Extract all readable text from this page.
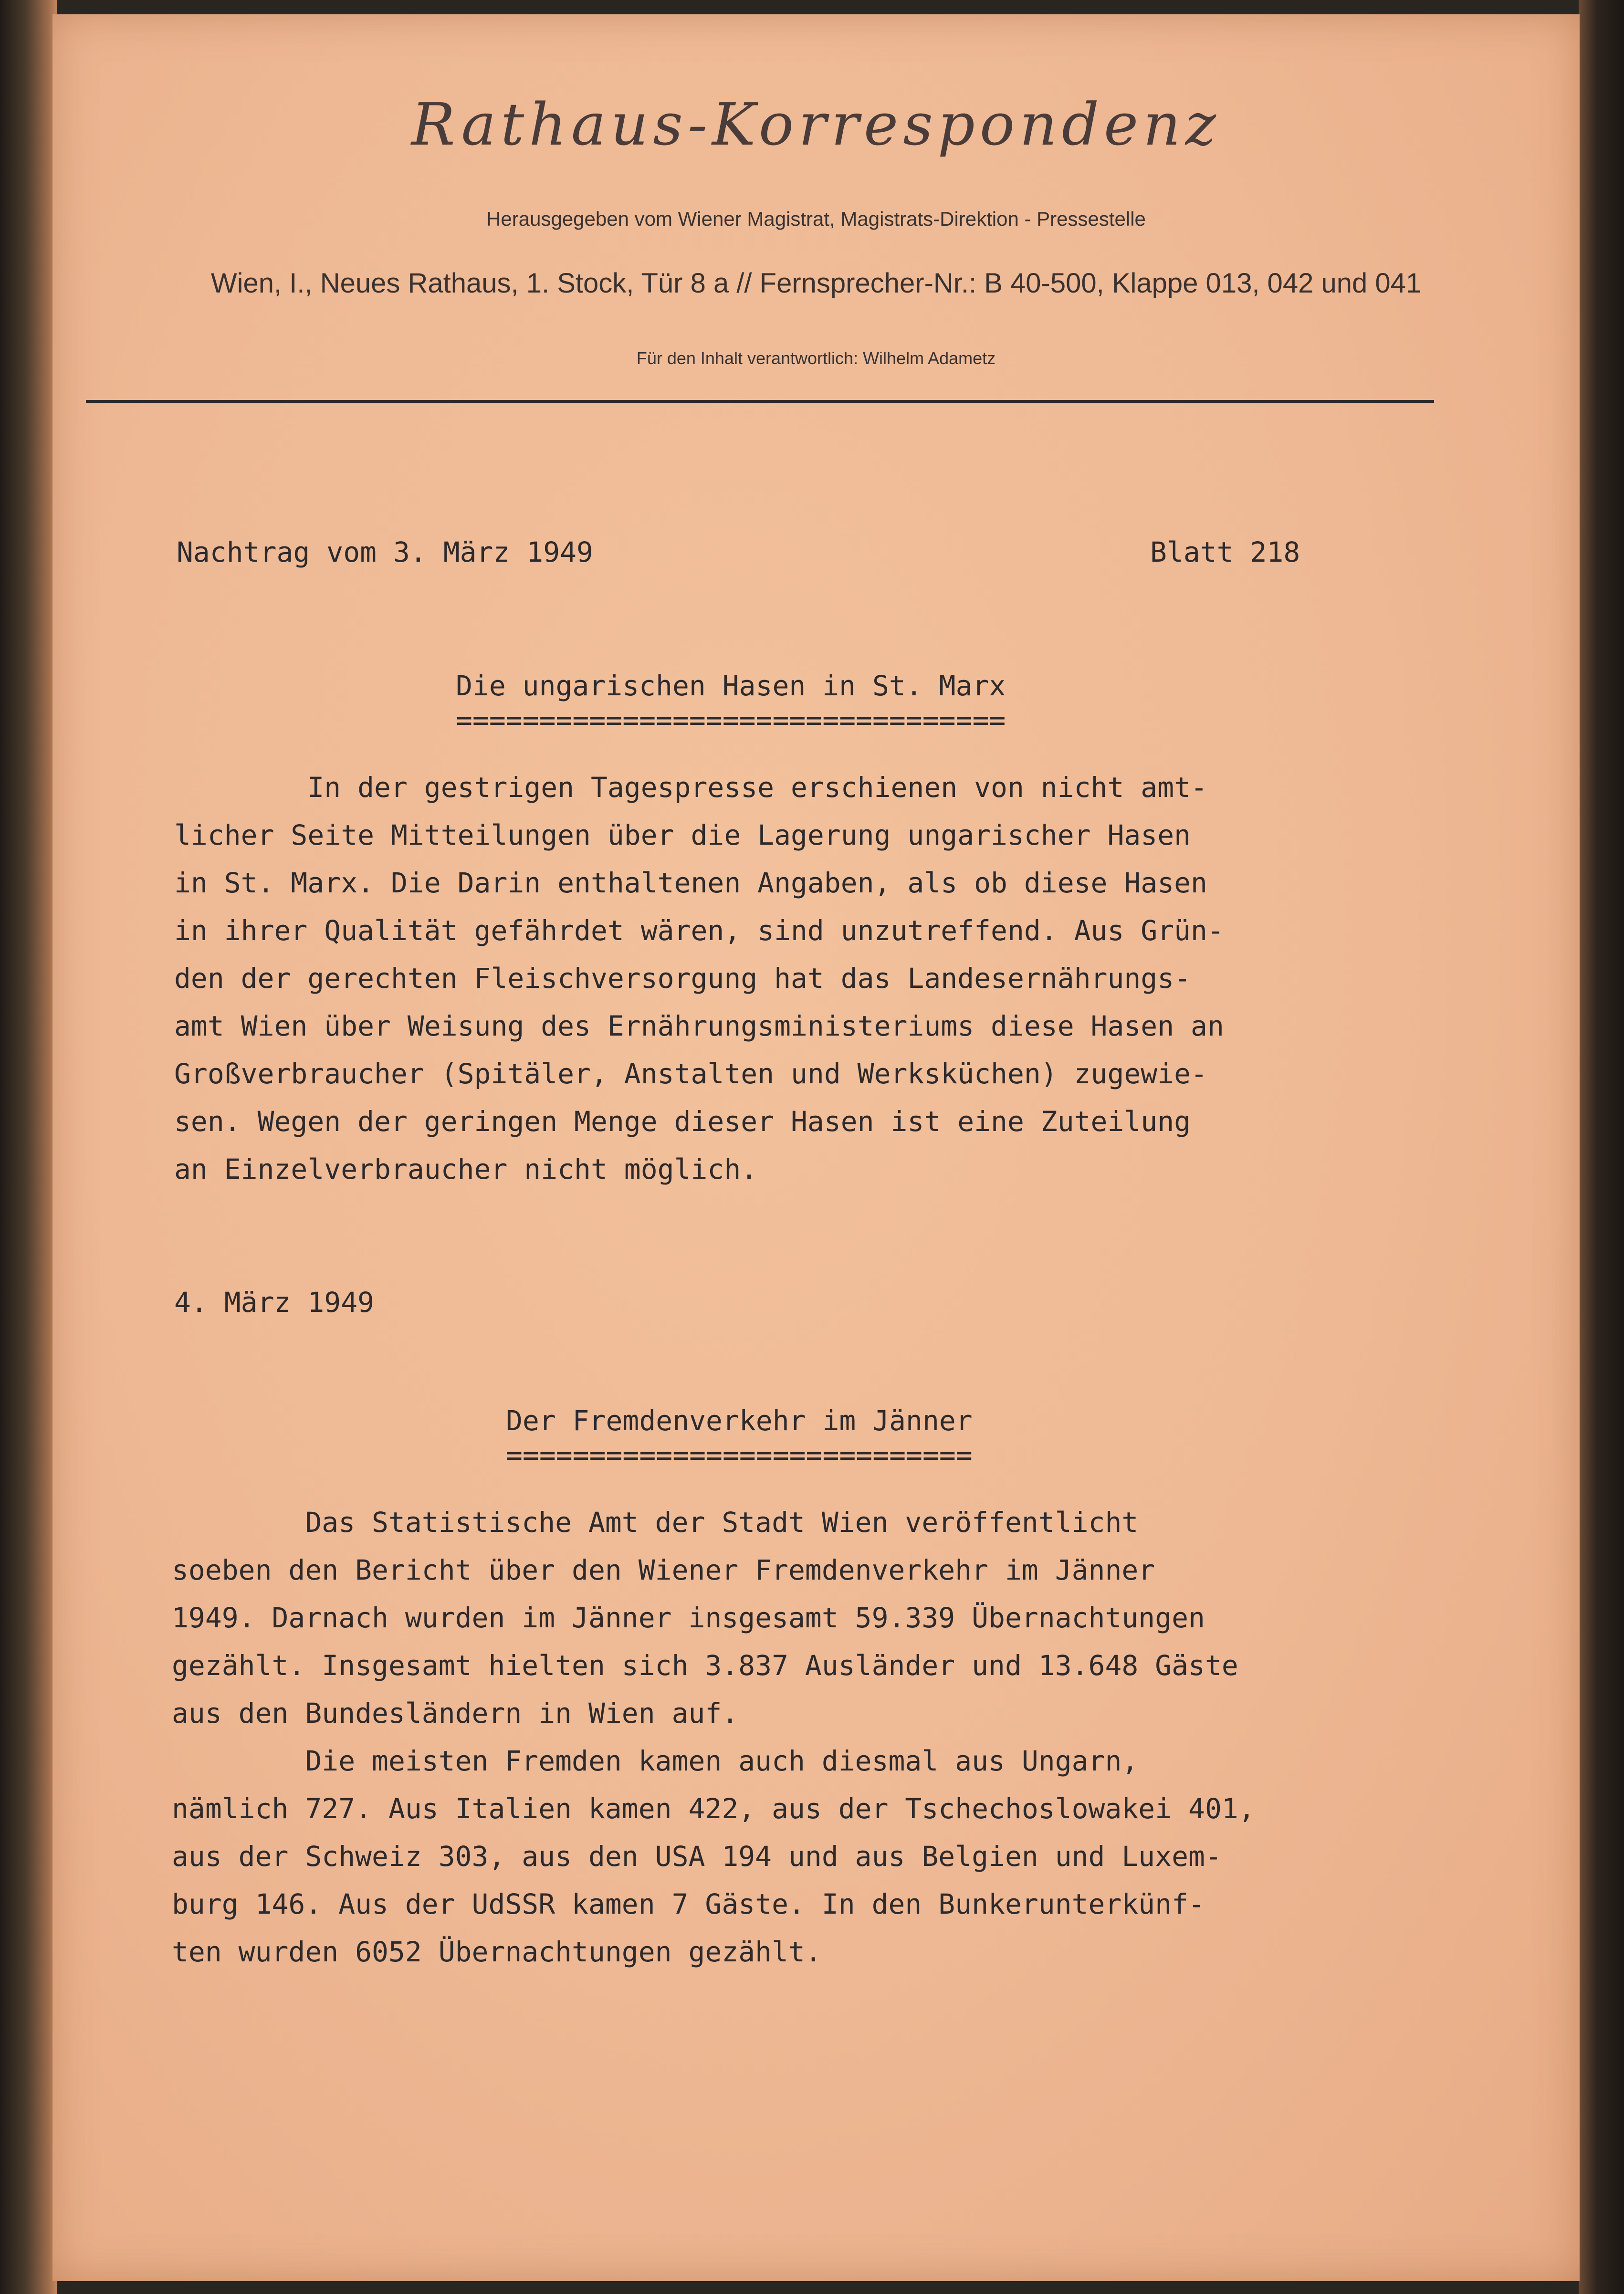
Rathaus-Korrespondenz
Herausgegeben vom Wiener Magistrat, Magistrats-Direktion - Pressestelle
Wien, I., Neues Rathaus, 1. Stock, Tür 8 a // Fernsprecher-Nr.: B 40-500, Klappe 013, 042 und 041
Für den Inhalt verantwortlich: Wilhelm Adametz
Nachtrag vom 3. März 1949	Blatt 218
Die ungarischen Hasen in St. Marx
=================================
In der gestrigen Tagespresse erschienen von nicht amt-
licher Seite Mitteilungen über die Lagerung ungarischer Hasen
in St. Marx. Die Darin enthaltenen Angaben, als ob diese Hasen
in ihrer Qualität gefährdet wären, sind unzutreffend. Aus Grün-
den der gerechten Fleischversorgung hat das Landesernährungs-
amt Wien über Weisung des Ernährungsministeriums diese Hasen an
Großverbraucher (Spitäler, Anstalten und Werksküchen) zugewie-
sen. Wegen der geringen Menge dieser Hasen ist eine Zuteilung
an Einzelverbraucher nicht möglich.
4. März 1949
Der Fremdenverkehr im Jänner
============================
Das Statistische Amt der Stadt Wien veröffentlicht
soeben den Bericht über den Wiener Fremdenverkehr im Jänner
1949. Darnach wurden im Jänner insgesamt 59.339 Übernachtungen
gezählt. Insgesamt hielten sich 3.837 Ausländer und 13.648 Gäste
aus den Bundesländern in Wien auf.
Die meisten Fremden kamen auch diesmal aus Ungarn,
nämlich 727. Aus Italien kamen 422, aus der Tschechoslowakei 401,
aus der Schweiz 303, aus den USA 194 und aus Belgien und Luxem-
burg 146. Aus der UdSSR kamen 7 Gäste. In den Bunkerunterkünf-
ten wurden 6052 Übernachtungen gezählt.
